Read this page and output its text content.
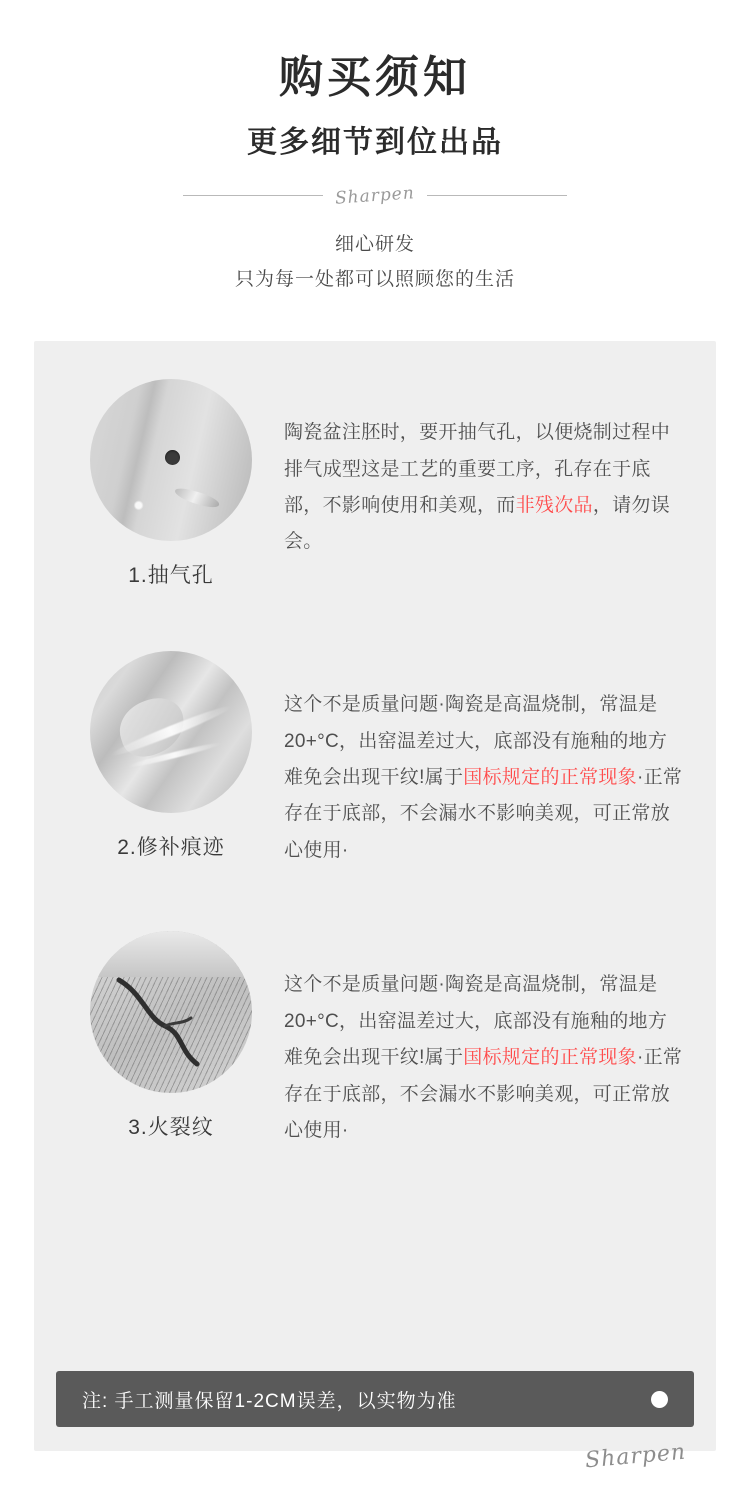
购买须知
更多细节到位出品
Sharpen
细心研发
只为每一处都可以照顾您的生活
1.抽气孔
陶瓷盆注胚时，要开抽气孔，以便烧制过程中排气成型这是工艺的重要工序，孔存在于底部，不影响使用和美观，而非残次品，请勿误会。
2.修补痕迹
这个不是质量问题·陶瓷是高温烧制，常温是20+°C，出窑温差过大，底部没有施釉的地方难免会出现干纹!属于国标规定的正常现象·正常存在于底部，不会漏水不影响美观，可正常放心使用·
3.火裂纹
这个不是质量问题·陶瓷是高温烧制，常温是20+°C，出窑温差过大，底部没有施釉的地方难免会出现干纹!属于国标规定的正常现象·正常存在于底部，不会漏水不影响美观，可正常放心使用·
注: 手工测量保留1-2CM误差，以实物为准
Sharpen
